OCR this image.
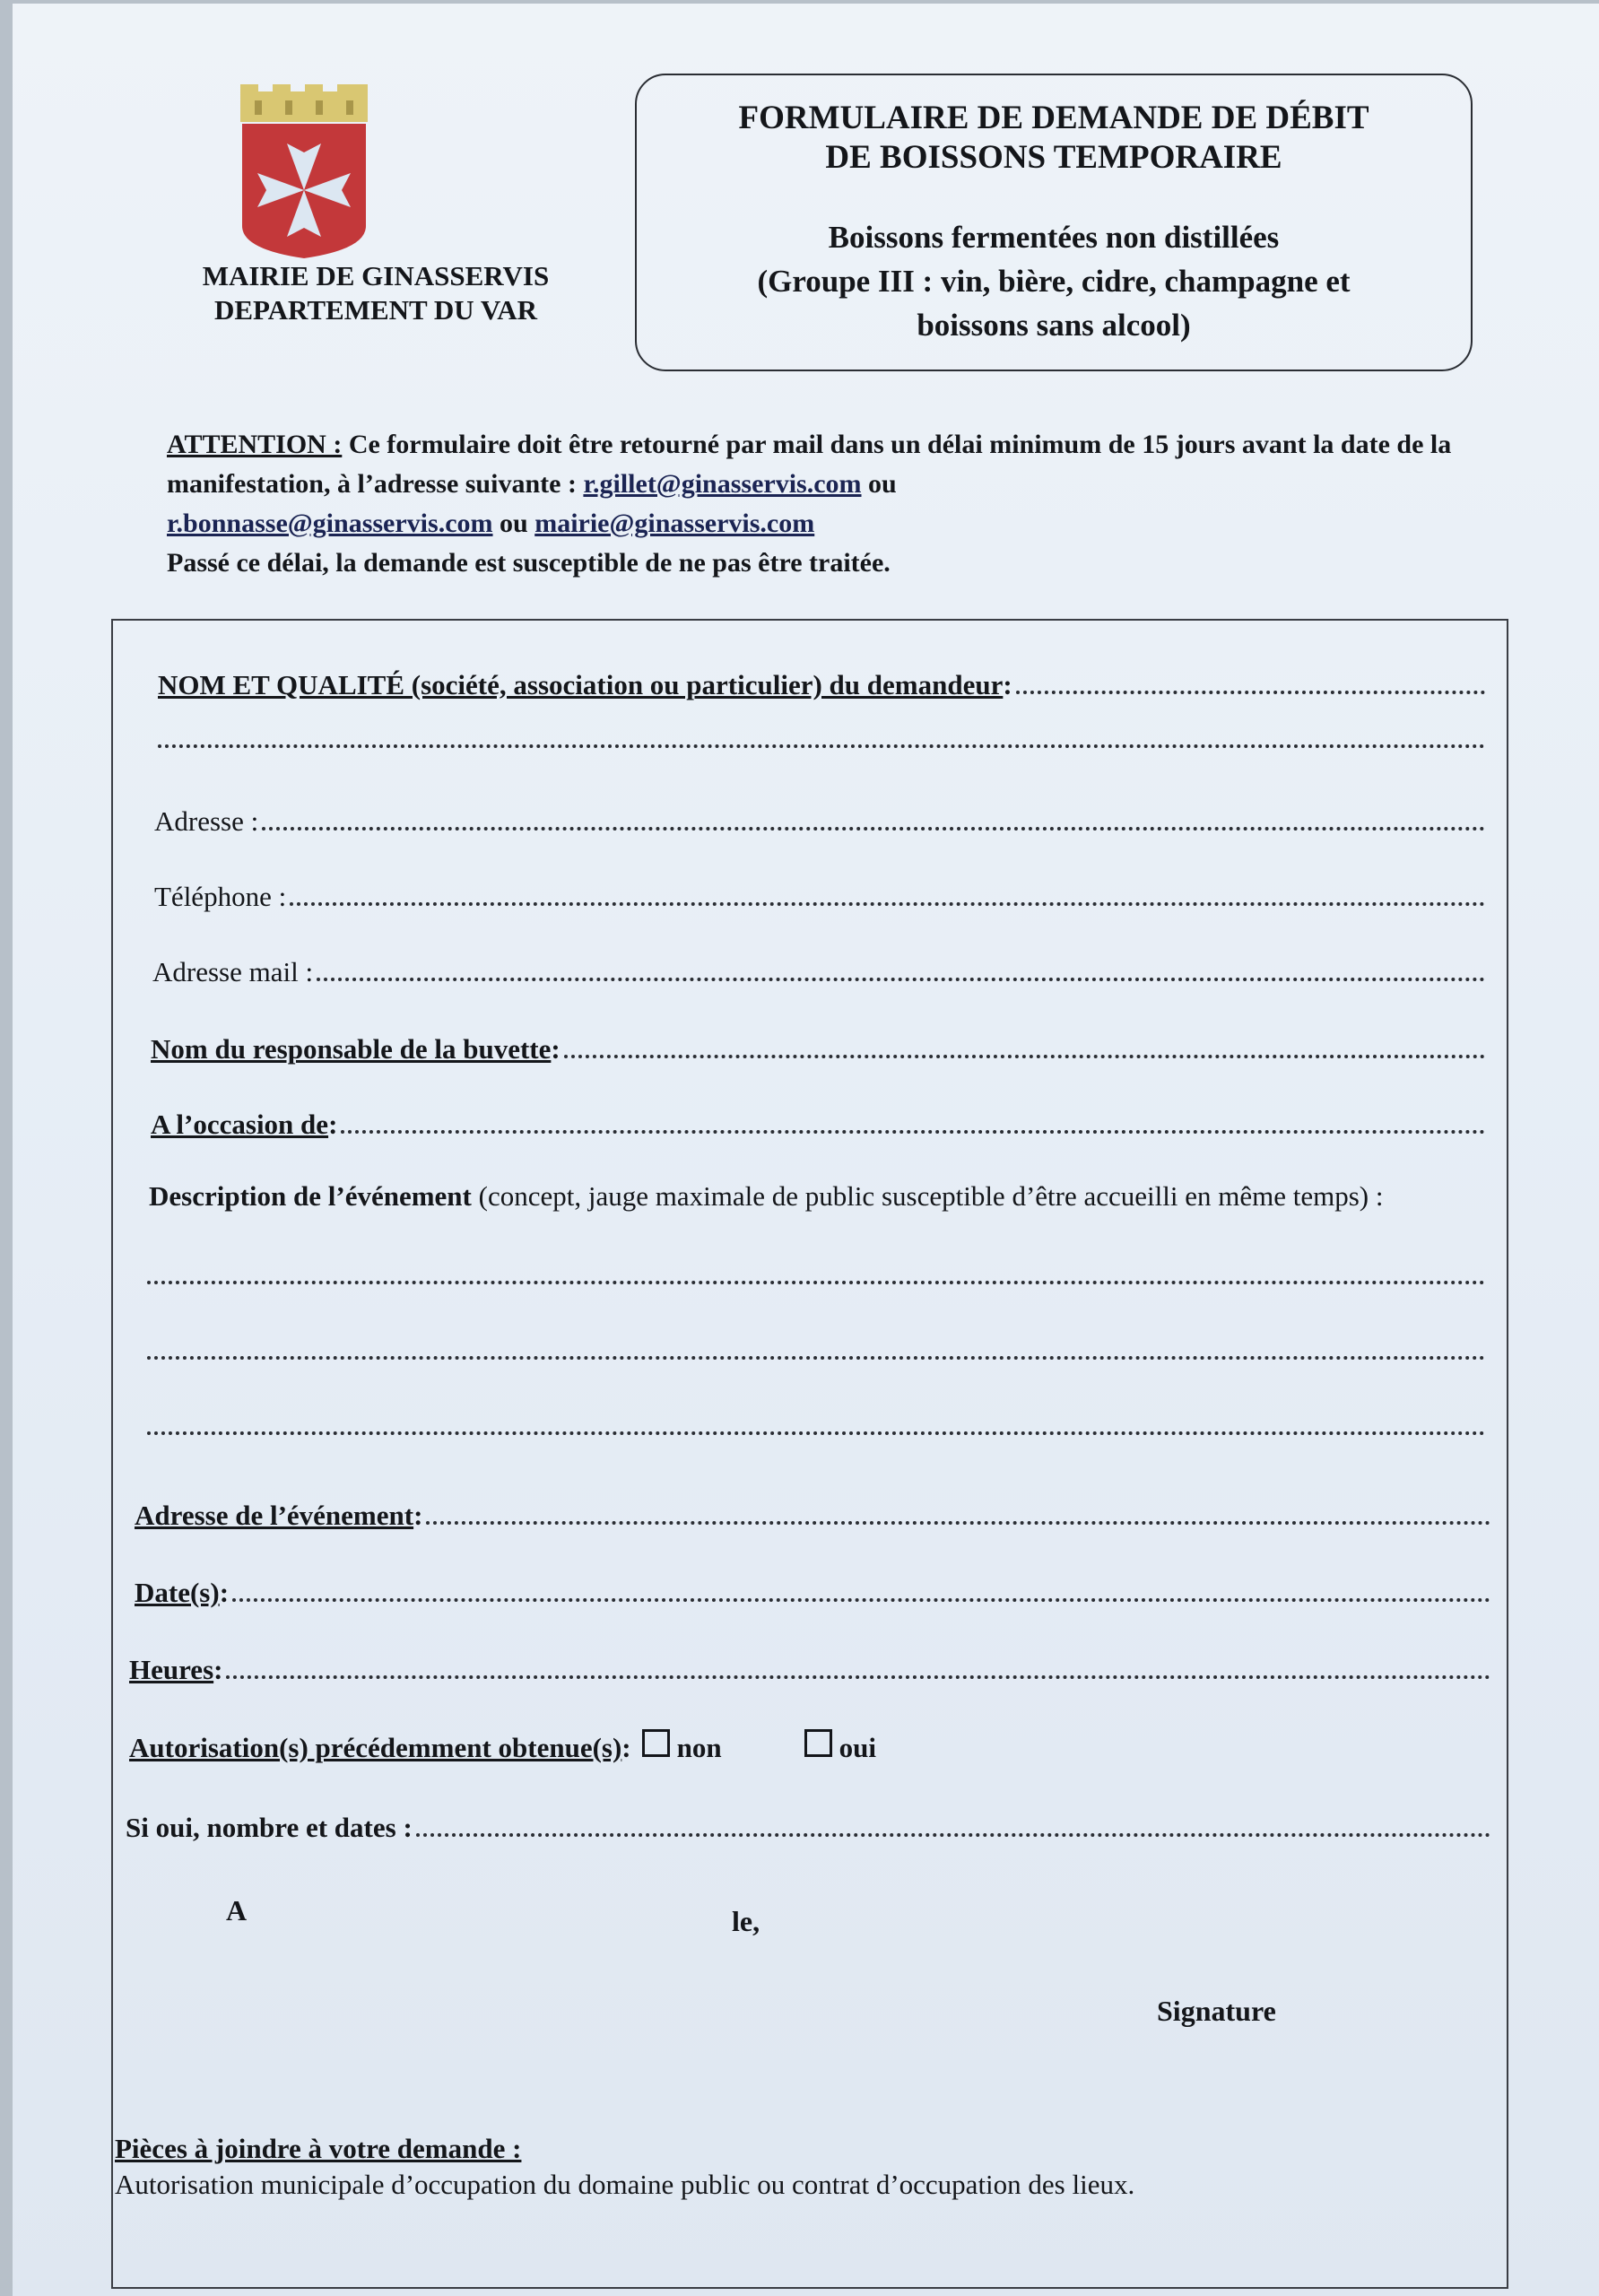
MAIRIE DE GINASSERVIS
DEPARTEMENT DU VAR
FORMULAIRE DE DEMANDE DE DÉBIT
DE BOISSONS TEMPORAIRE
Boissons fermentées non distillées
(Groupe III : vin, bière, cidre, champagne et
boissons sans alcool)
ATTENTION : Ce formulaire doit être retourné par mail dans un délai minimum de 15 jours avant la date de la manifestation, à l’adresse suivante : r.gillet@ginasservis.com ou
r.bonnasse@ginasservis.com ou mairie@ginasservis.com
Passé ce délai, la demande est susceptible de ne pas être traitée.
NOM ET QUALITÉ (société, association ou particulier) du demandeur :
Adresse :
Téléphone :
Adresse mail :
Nom du responsable de la buvette :
A l’occasion de :
Description de l’événement (concept, jauge maximale de public susceptible d’être accueilli en même temps) :
Adresse de l’événement :
Date(s) :
Heures :
Autorisation(s) précédemment obtenue(s) : non	oui
Si oui, nombre et dates :
A	le,
Signature
Pièces à joindre à votre demande :
Autorisation municipale d’occupation du domaine public ou contrat d’occupation des lieux.
